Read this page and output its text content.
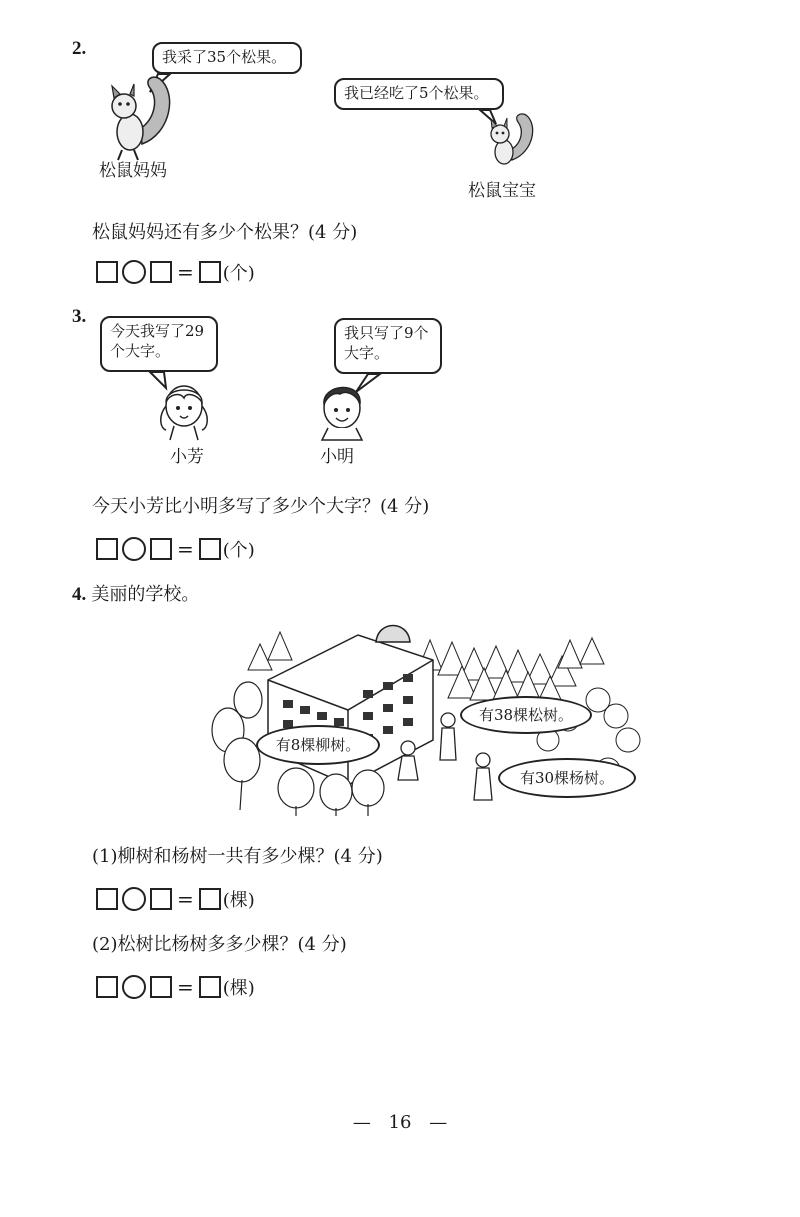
2.	我采了35个松果。
松鼠妈妈
我已经吃了5个松果。
松鼠宝宝
松鼠妈妈还有多少个松果？(4 分)
= (个)
3.
今天我写了29
个大字。
小芳
我只写了9个
大字。
小明
今天小芳比小明多写了多少个大字？(4 分)
= (个)
4. 美丽的学校。
有8棵柳树。
有38棵松树。
有30棵杨树。
(1)柳树和杨树一共有多少棵？(4 分)
= (棵)
(2)松树比杨树多多少棵？(4 分)
= (棵)
— 16 —
